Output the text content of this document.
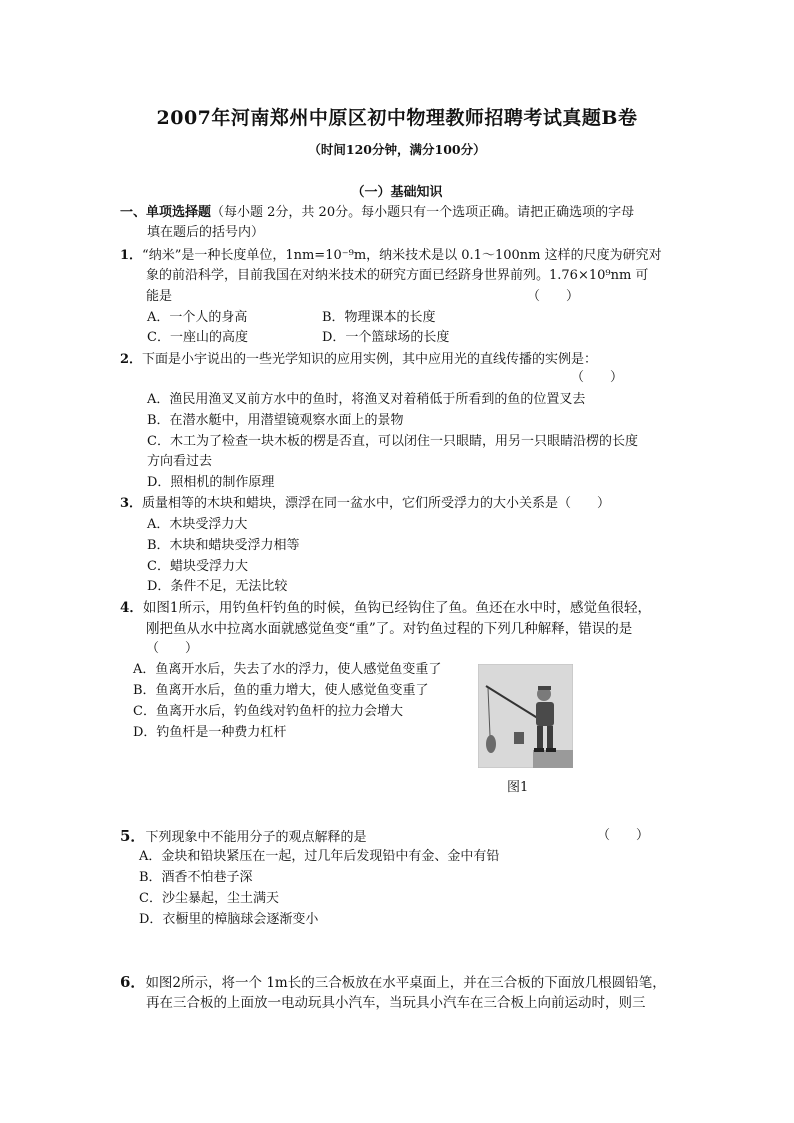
2007年河南郑州中原区初中物理教师招聘考试真题B卷
（时间120分钟，满分100分）
（一）基础知识
一、单项选择题（每小题 2分，共 20分。每小题只有一个选项正确。请把正确选项的字母
填在题后的括号内）
1．“纳米”是一种长度单位，1nm=10⁻⁹m，纳米技术是以 0.1～100nm 这样的尺度为研究对
象的前沿科学，目前我国在对纳米技术的研究方面已经跻身世界前列。1.76×10⁹nm 可
能是	（　　）
A．一个人的身高	B．物理课本的长度
C．一座山的高度	D．一个篮球场的长度
2．下面是小宇说出的一些光学知识的应用实例，其中应用光的直线传播的实例是：
（　　）
A．渔民用渔叉叉前方水中的鱼时，将渔叉对着稍低于所看到的鱼的位置叉去
B．在潜水艇中，用潜望镜观察水面上的景物
C．木工为了检查一块木板的楞是否直，可以闭住一只眼睛，用另一只眼睛沿楞的长度
方向看过去
D．照相机的制作原理
3．质量相等的木块和蜡块，漂浮在同一盆水中，它们所受浮力的大小关系是（　　）
A．木块受浮力大
B．木块和蜡块受浮力相等
C．蜡块受浮力大
D．条件不足，无法比较
4．如图1所示，用钓鱼杆钓鱼的时候，鱼钩已经钩住了鱼。鱼还在水中时，感觉鱼很轻，
刚把鱼从水中拉离水面就感觉鱼变“重”了。对钓鱼过程的下列几种解释，错误的是
（　　）
A．鱼离开水后，失去了水的浮力，使人感觉鱼变重了
B．鱼离开水后，鱼的重力增大，使人感觉鱼变重了
C．鱼离开水后，钓鱼线对钓鱼杆的拉力会增大
D．钓鱼杆是一种费力杠杆
图1
5．下列现象中不能用分子的观点解释的是	（　　）
A．金块和铅块紧压在一起，过几年后发现铅中有金、金中有铅
B．酒香不怕巷子深
C．沙尘暴起，尘土满天
D．衣橱里的樟脑球会逐渐变小
6．如图2所示，将一个 1m长的三合板放在水平桌面上，并在三合板的下面放几根圆铅笔，
再在三合板的上面放一电动玩具小汽车，当玩具小汽车在三合板上向前运动时，则三
